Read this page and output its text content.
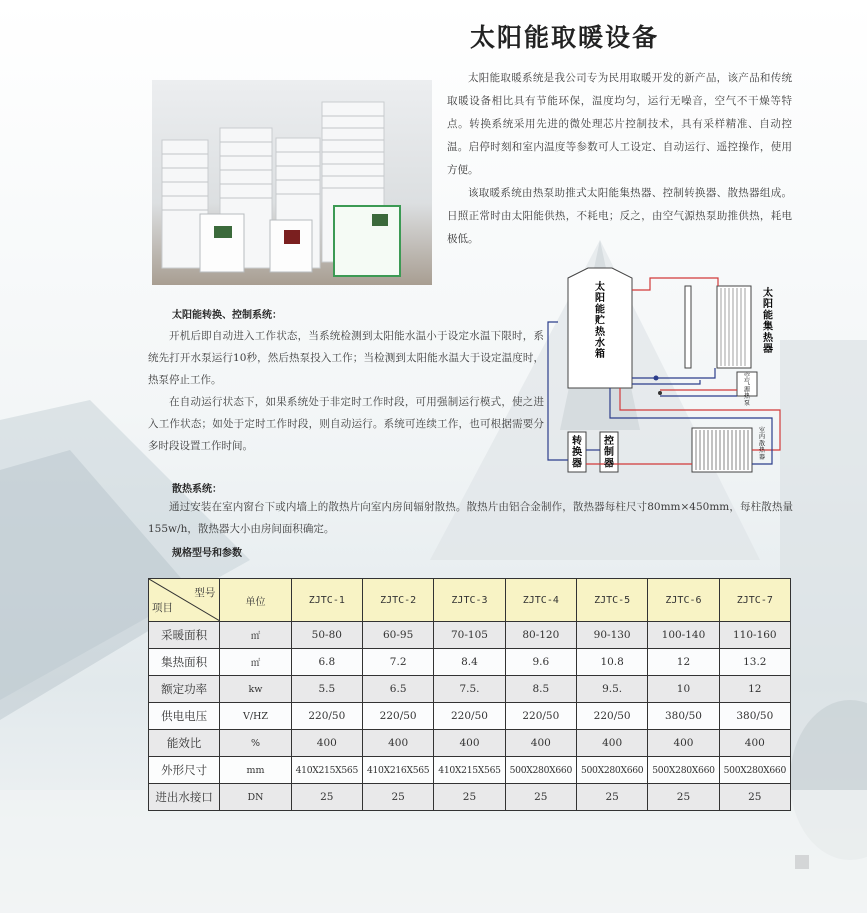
太阳能取暖设备

太阳能取暖系统是我公司专为民用取暖开发的新产品，该产品和传统取暖设备相比具有节能环保，温度均匀，运行无噪音，空气不干燥等特点。转换系统采用先进的微处理芯片控制技术，具有采样精准、自动控温。启停时刻和室内温度等参数可人工设定、自动运行、遥控操作，使用方便。

该取暖系统由热泵助推式太阳能集热器、控制转换器、散热器组成。日照正常时由太阳能供热，不耗电；反之，由空气源热泵助推供热，耗电极低。

太阳能转换、控制系统：

开机后即自动进入工作状态，当系统检测到太阳能水温小于设定水温下限时，系统先打开水泵运行10秒，然后热泵投入工作；当检测到太阳能水温大于设定温度时，热泵停止工作。

在自动运行状态下，如果系统处于非定时工作时段，可用强制运行模式，使之进入工作状态；如处于定时工作时段，则自动运行。系统可连续工作，也可根据需要分多时段设置工作时间。

太阳能贮热水箱
太阳能集热器
空气源热泵
室内散热器
转换器
控制器
散热系统：

通过安装在室内窗台下或内墙上的散热片向室内房间辐射散热。散热片由铝合金制作，散热器每柱尺寸80mm×450mm，每柱散热量155w/h，散热器大小由房间面积确定。

规格型号和参数
型号
项目	单位	ZJTC-1	ZJTC-2	ZJTC-3	ZJTC-4	ZJTC-5	ZJTC-6	ZJTC-7
采暖面积	㎡	50-80	60-95	70-105	80-120	90-130	100-140	110-160
集热面积	㎡	6.8	7.2	8.4	9.6	10.8	12	13.2
额定功率	kw	5.5	6.5	7.5.	8.5	9.5.	10	12
供电电压	V/HZ	220/50	220/50	220/50	220/50	220/50	380/50	380/50
能效比	%	400	400	400	400	400	400	400
外形尺寸	mm	410X215X565	410X216X565	410X215X565	500X280X660	500X280X660	500X280X660	500X280X660
进出水接口	DN	25	25	25	25	25	25	25
